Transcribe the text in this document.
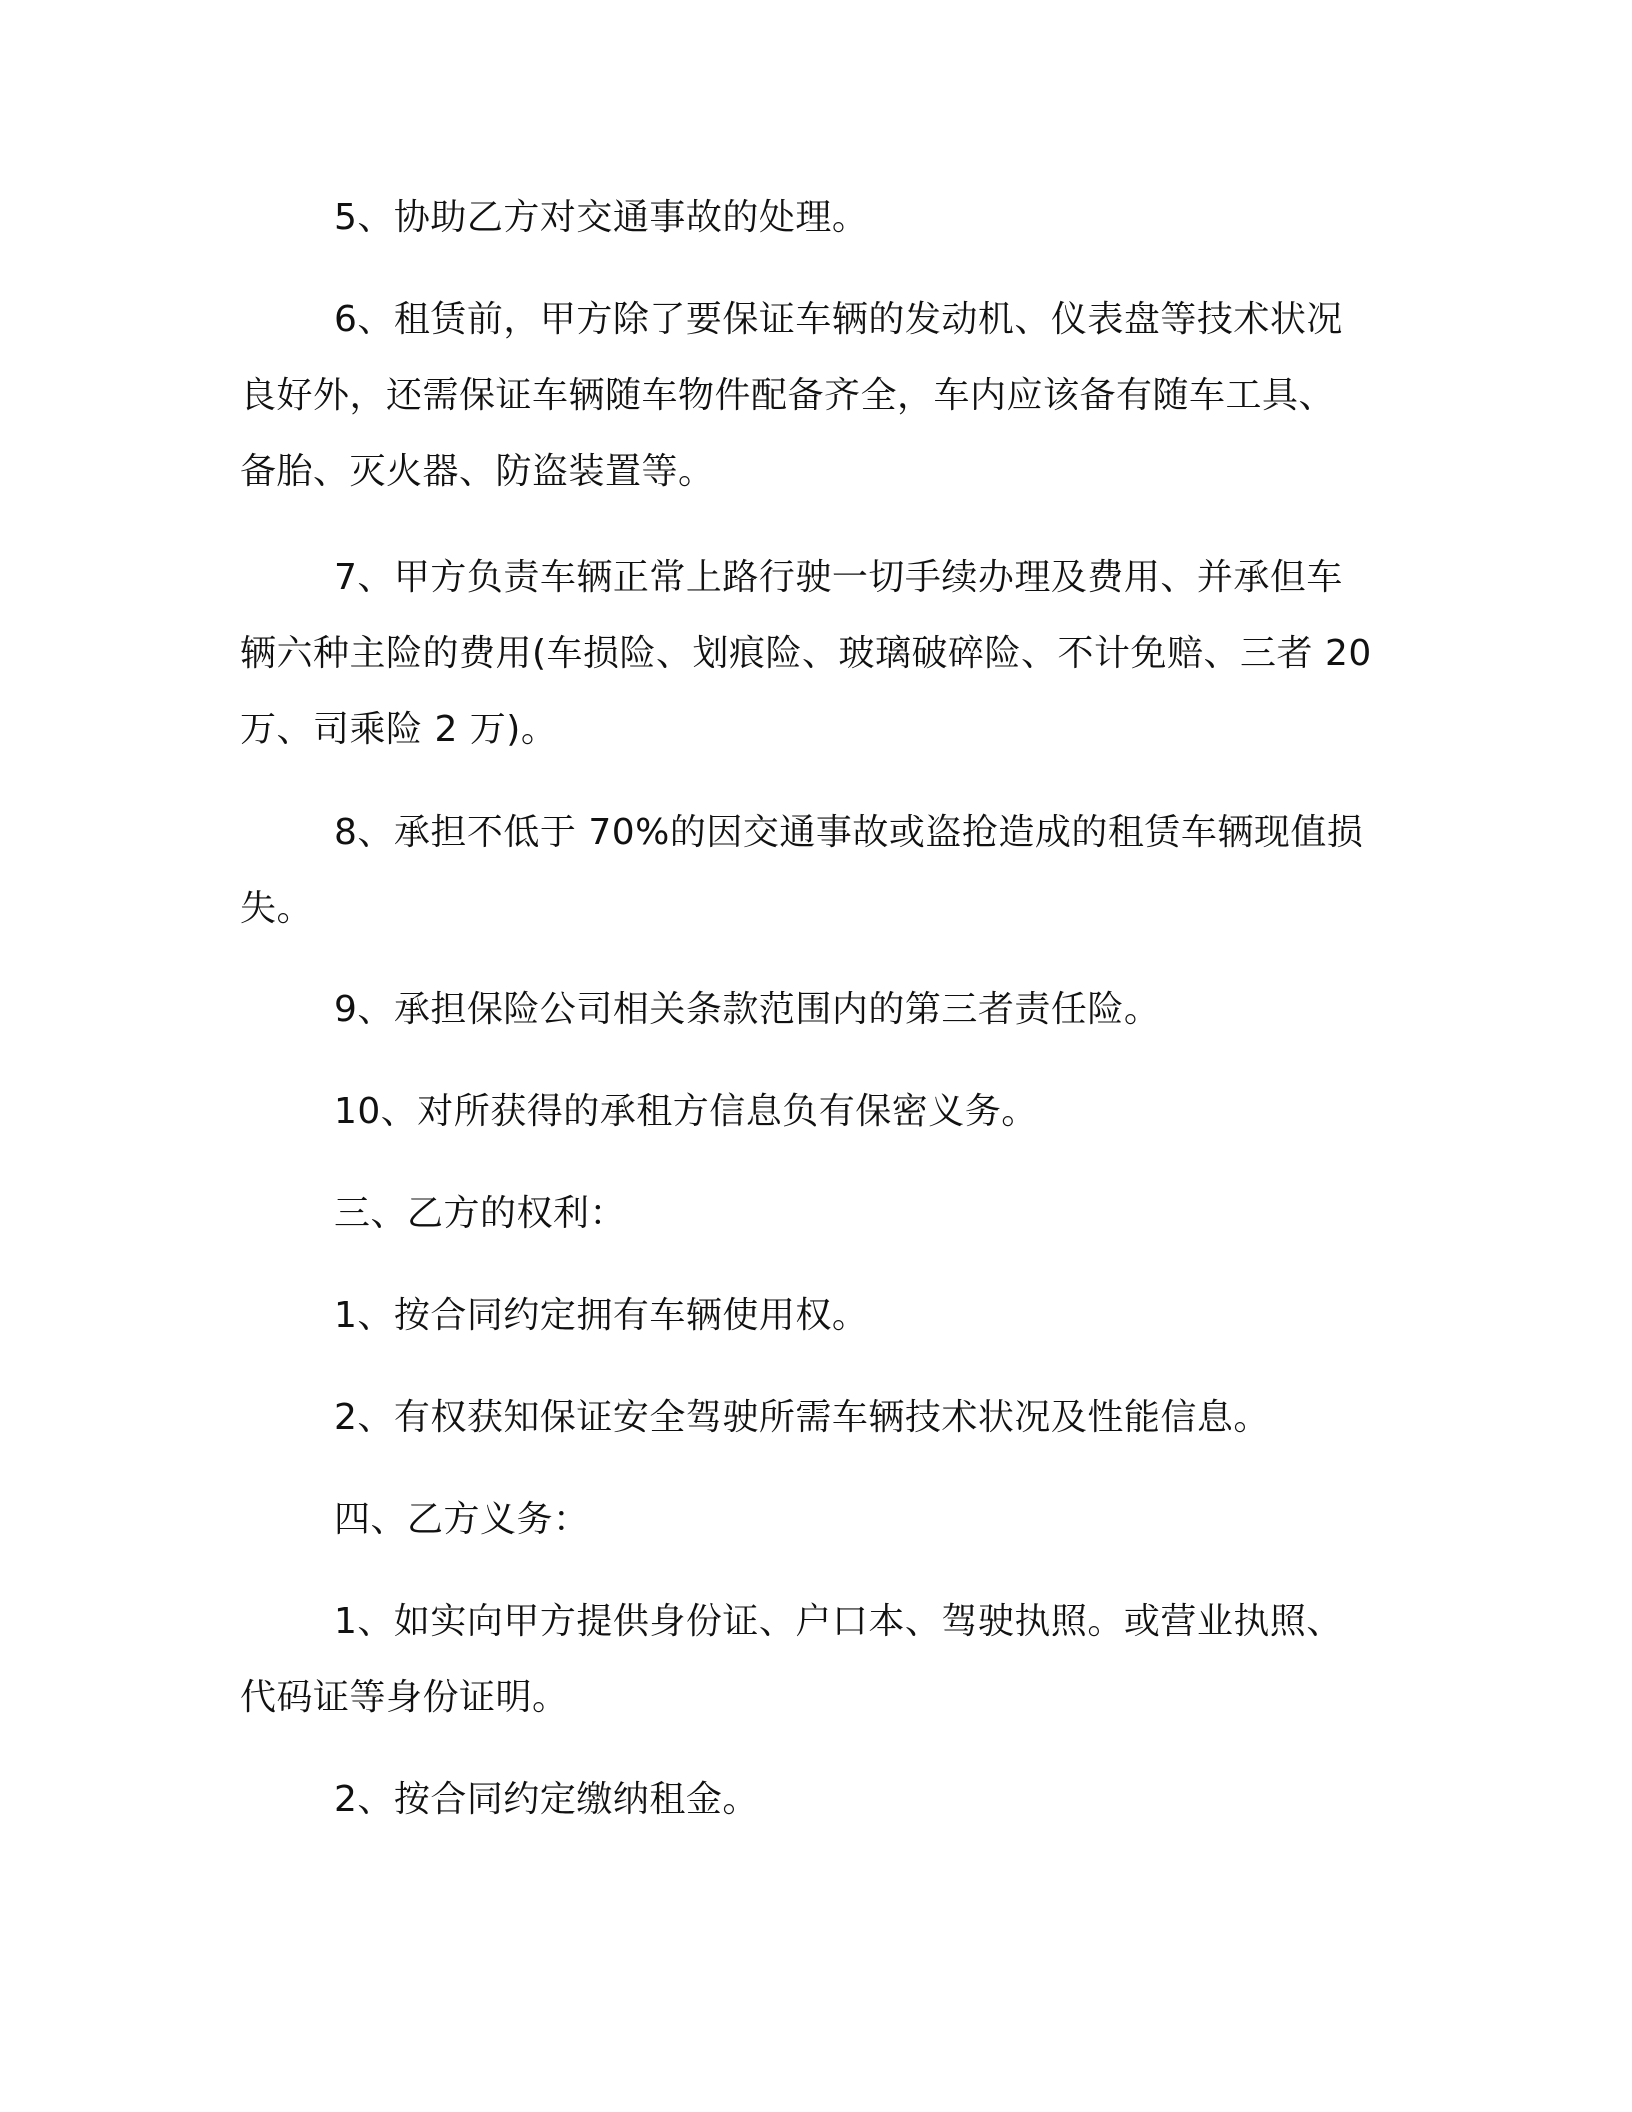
5、协助乙方对交通事故的处理。

6、租赁前，甲方除了要保证车辆的发动机、仪表盘等技术状况
良好外，还需保证车辆随车物件配备齐全，车内应该备有随车工具、
备胎、灭火器、防盗装置等。

7、甲方负责车辆正常上路行驶一切手续办理及费用、并承但车
辆六种主险的费用(车损险、划痕险、玻璃破碎险、不计免赔、三者 20
万、司乘险 2 万)。

8、承担不低于 70%的因交通事故或盗抢造成的租赁车辆现值损
失。

9、承担保险公司相关条款范围内的第三者责任险。

10、对所获得的承租方信息负有保密义务。

三、乙方的权利：

1、按合同约定拥有车辆使用权。

2、有权获知保证安全驾驶所需车辆技术状况及性能信息。

四、乙方义务：

1、如实向甲方提供身份证、户口本、驾驶执照。或营业执照、
代码证等身份证明。

2、按合同约定缴纳租金。
